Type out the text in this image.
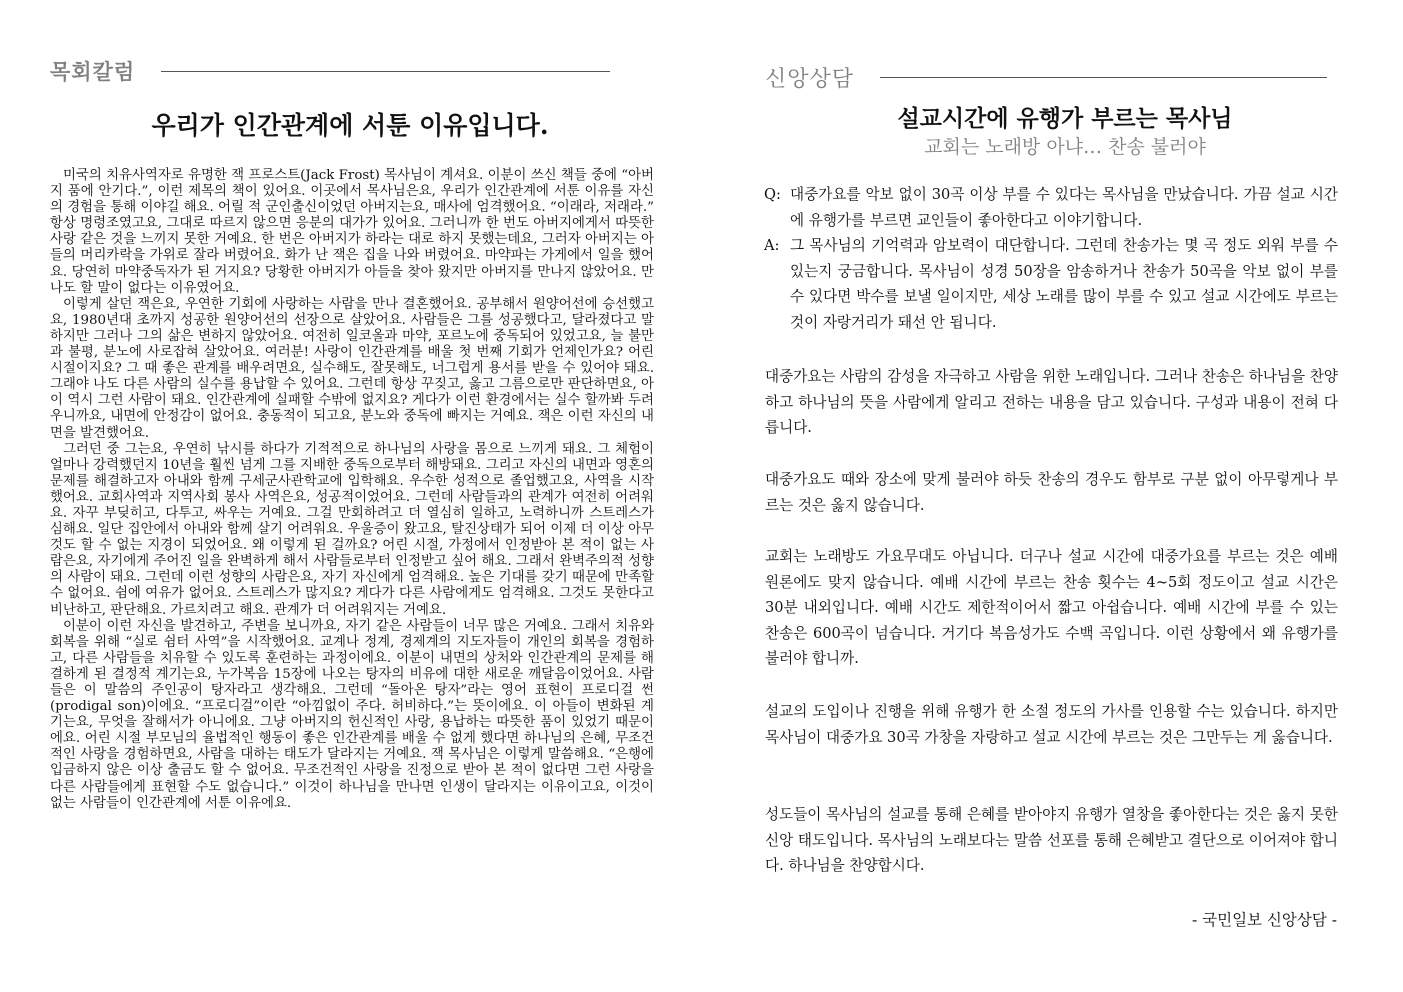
목회칼럼
우리가 인간관계에 서툰 이유입니다.

미국의 치유사역자로 유명한 잭 프로스트(Jack Frost) 목사님이 계셔요. 이분이 쓰신 책들 중에 “아버지 품에 안기다.”, 이런 제목의 책이 있어요. 이곳에서 목사님은요, 우리가 인간관계에 서툰 이유를 자신의 경험을 통해 이야길 해요. 어릴 적 군인출신이었던 아버지는요, 매사에 엄격했어요. “이래라, 저래라.” 항상 명령조였고요, 그대로 따르지 않으면 응분의 대가가 있어요. 그러니까 한 번도 아버지에게서 따뜻한 사랑 같은 것을 느끼지 못한 거예요. 한 번은 아버지가 하라는 대로 하지 못했는데요, 그러자 아버지는 아들의 머리카락을 가위로 잘라 버렸어요. 화가 난 잭은 집을 나와 버렸어요. 마약파는 가게에서 일을 했어요. 당연히 마약중독자가 된 거지요? 당황한 아버지가 아들을 찾아 왔지만 아버지를 만나지 않았어요. 만나도 할 말이 없다는 이유였어요.

이렇게 살던 잭은요, 우연한 기회에 사랑하는 사람을 만나 결혼했어요. 공부해서 원양어선에 승선했고요, 1980년대 초까지 성공한 원양어선의 선장으로 살았어요. 사람들은 그를 성공했다고, 달라졌다고 말하지만 그러나 그의 삶은 변하지 않았어요. 여전히 일코올과 마약, 포르노에 중독되어 있었고요, 늘 불만과 불평, 분노에 사로잡혀 살았어요. 여러분! 사랑이 인간관계를 배울 첫 번째 기회가 언제인가요? 어린 시절이지요? 그 때 좋은 관계를 배우려면요, 실수해도, 잘못해도, 너그럽게 용서를 받을 수 있어야 돼요. 그래야 나도 다른 사람의 실수를 용납할 수 있어요. 그런데 항상 꾸짖고, 옳고 그름으로만 판단하면요, 아이 역시 그런 사람이 돼요. 인간관계에 실패할 수밖에 없지요? 게다가 이런 환경에서는 실수 할까봐 두려우니까요, 내면에 안정감이 없어요. 충동적이 되고요, 분노와 중독에 빠지는 거예요. 잭은 이런 자신의 내면을 발견했어요.

그러던 중 그는요, 우연히 낚시를 하다가 기적적으로 하나님의 사랑을 몸으로 느끼게 돼요. 그 체험이 얼마나 강력했던지 10년을 훨씬 넘게 그를 지배한 중독으로부터 해방돼요. 그리고 자신의 내면과 영혼의 문제를 해결하고자 아내와 함께 구세군사관학교에 입학해요. 우수한 성적으로 졸업했고요, 사역을 시작했어요. 교회사역과 지역사회 봉사 사역은요, 성공적이었어요. 그런데 사람들과의 관계가 여전히 어려워요. 자꾸 부딪히고, 다투고, 싸우는 거예요. 그걸 만회하려고 더 열심히 일하고, 노력하니까 스트레스가 심해요. 일단 집안에서 아내와 함께 살기 어려워요. 우울증이 왔고요, 탈진상태가 되어 이제 더 이상 아무것도 할 수 없는 지경이 되었어요. 왜 이렇게 된 걸까요? 어린 시절, 가정에서 인정받아 본 적이 없는 사람은요, 자기에게 주어진 일을 완벽하게 해서 사람들로부터 인정받고 싶어 해요. 그래서 완벽주의적 성향의 사람이 돼요. 그런데 이런 성향의 사람은요, 자기 자신에게 엄격해요. 높은 기대를 갖기 때문에 만족할 수 없어요. 쉼에 여유가 없어요. 스트레스가 많지요? 게다가 다른 사람에게도 엄격해요. 그것도 못한다고 비난하고, 판단해요. 가르치려고 해요. 관계가 더 어려워지는 거예요.

이분이 이런 자신을 발견하고, 주변을 보니까요, 자기 같은 사람들이 너무 많은 거예요. 그래서 치유와 회복을 위해 “실로 쉼터 사역”을 시작했어요. 교계나 정계, 경제계의 지도자들이 개인의 회복을 경험하고, 다른 사람들을 치유할 수 있도록 훈련하는 과정이에요. 이분이 내면의 상처와 인간관계의 문제를 해결하게 된 결정적 계기는요, 누가복음 15장에 나오는 탕자의 비유에 대한 새로운 깨달음이었어요. 사람들은 이 말씀의 주인공이 탕자라고 생각해요. 그런데 “돌아온 탕자”라는 영어 표현이 프로디걸 썬(prodigal son)이에요. “프로디걸”이란 “아낌없이 주다. 허비하다.”는 뜻이에요. 이 아들이 변화된 계기는요, 무엇을 잘해서가 아니에요. 그냥 아버지의 헌신적인 사랑, 용납하는 따뜻한 품이 있었기 때문이에요. 어린 시절 부모님의 율법적인 행동이 좋은 인간관계를 배울 수 없게 했다면 하나님의 은혜, 무조건적인 사랑을 경험하면요, 사람을 대하는 태도가 달라지는 거예요. 잭 목사님은 이렇게 말씀해요. “은행에 입금하지 않은 이상 출금도 할 수 없어요. 무조건적인 사랑을 진정으로 받아 본 적이 없다면 그런 사랑을 다른 사람들에게 표현할 수도 없습니다.” 이것이 하나님을 만나면 인생이 달라지는 이유이고요, 이것이 없는 사람들이 인간관계에 서툰 이유에요.

신앙상담
설교시간에 유행가 부르는 목사님
교회는 노래방 아냐… 찬송 불러야
Q: 대중가요를 악보 없이 30곡 이상 부를 수 있다는 목사님을 만났습니다. 가끔 설교 시간에 유행가를 부르면 교인들이 좋아한다고 이야기합니다.
A: 그 목사님의 기억력과 암보력이 대단합니다. 그런데 찬송가는 몇 곡 정도 외워 부를 수 있는지 궁금합니다. 목사님이 성경 50장을 암송하거나 찬송가 50곡을 악보 없이 부를 수 있다면 박수를 보낼 일이지만, 세상 노래를 많이 부를 수 있고 설교 시간에도 부르는 것이 자랑거리가 돼선 안 됩니다.

대중가요는 사람의 감성을 자극하고 사람을 위한 노래입니다. 그러나 찬송은 하나님을 찬양하고 하나님의 뜻을 사람에게 알리고 전하는 내용을 담고 있습니다. 구성과 내용이 전혀 다릅니다.

대중가요도 때와 장소에 맞게 불러야 하듯 찬송의 경우도 함부로 구분 없이 아무렇게나 부르는 것은 옳지 않습니다.

교회는 노래방도 가요무대도 아닙니다. 더구나 설교 시간에 대중가요를 부르는 것은 예배 원론에도 맞지 않습니다. 예배 시간에 부르는 찬송 횟수는 4~5회 정도이고 설교 시간은 30분 내외입니다. 예배 시간도 제한적이어서 짧고 아쉽습니다. 예배 시간에 부를 수 있는 찬송은 600곡이 넘습니다. 거기다 복음성가도 수백 곡입니다. 이런 상황에서 왜 유행가를 불러야 합니까.

설교의 도입이나 진행을 위해 유행가 한 소절 정도의 가사를 인용할 수는 있습니다. 하지만 목사님이 대중가요 30곡 가창을 자랑하고 설교 시간에 부르는 것은 그만두는 게 옳습니다.

성도들이 목사님의 설교를 통해 은혜를 받아야지 유행가 열창을 좋아한다는 것은 옳지 못한 신앙 태도입니다. 목사님의 노래보다는 말씀 선포를 통해 은혜받고 결단으로 이어져야 합니다. 하나님을 찬양합시다.

- 국민일보 신앙상담 -
